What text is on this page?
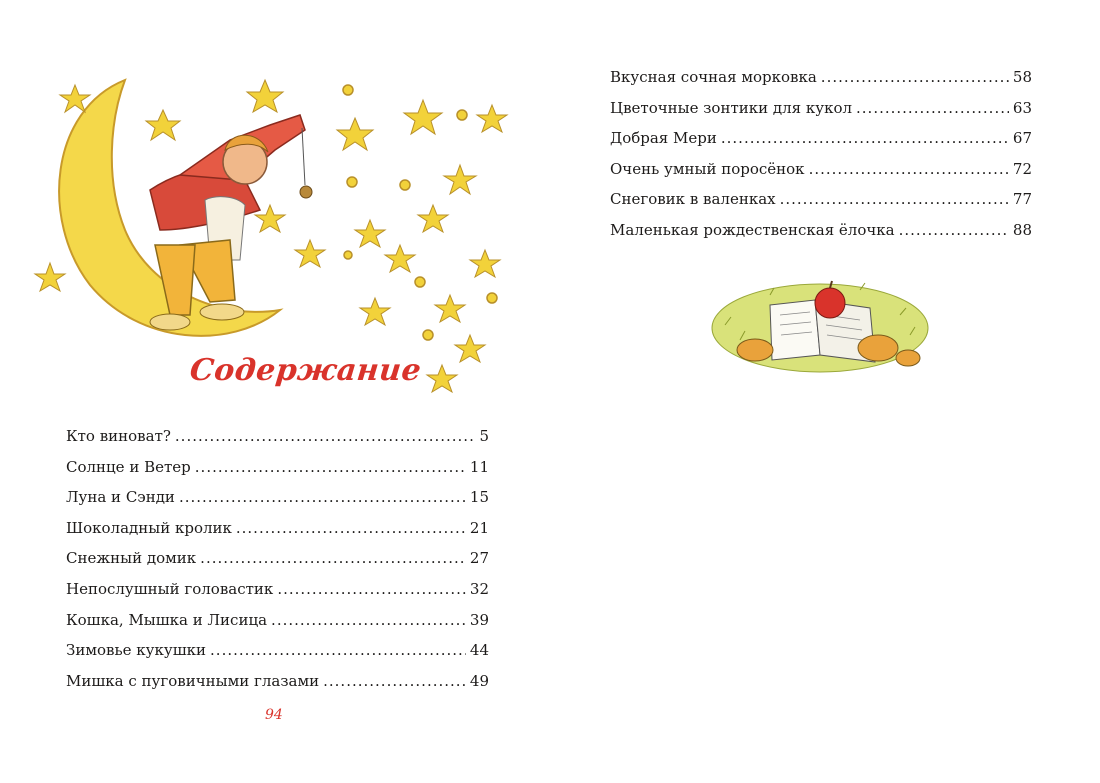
Содержание
Кто виноват? .....	5
Солнце и Ветер .....	11
Луна и Сэнди .....	15
Шоколадный кролик .....	21
Снежный домик .....	27
Непослушный головастик .....	32
Кошка, Мышка и Лисица .....	39
Зимовье кукушки .....	44
Мишка с пуговичными глазами .....	49
94
Вкусная сочная морковка .....	58
Цветочные зонтики для кукол .....	63
Добрая Мери .....	67
Очень умный поросёнок .....	72
Снеговик в валенках .....	77
Маленькая рождественская ёлочка .....	88
